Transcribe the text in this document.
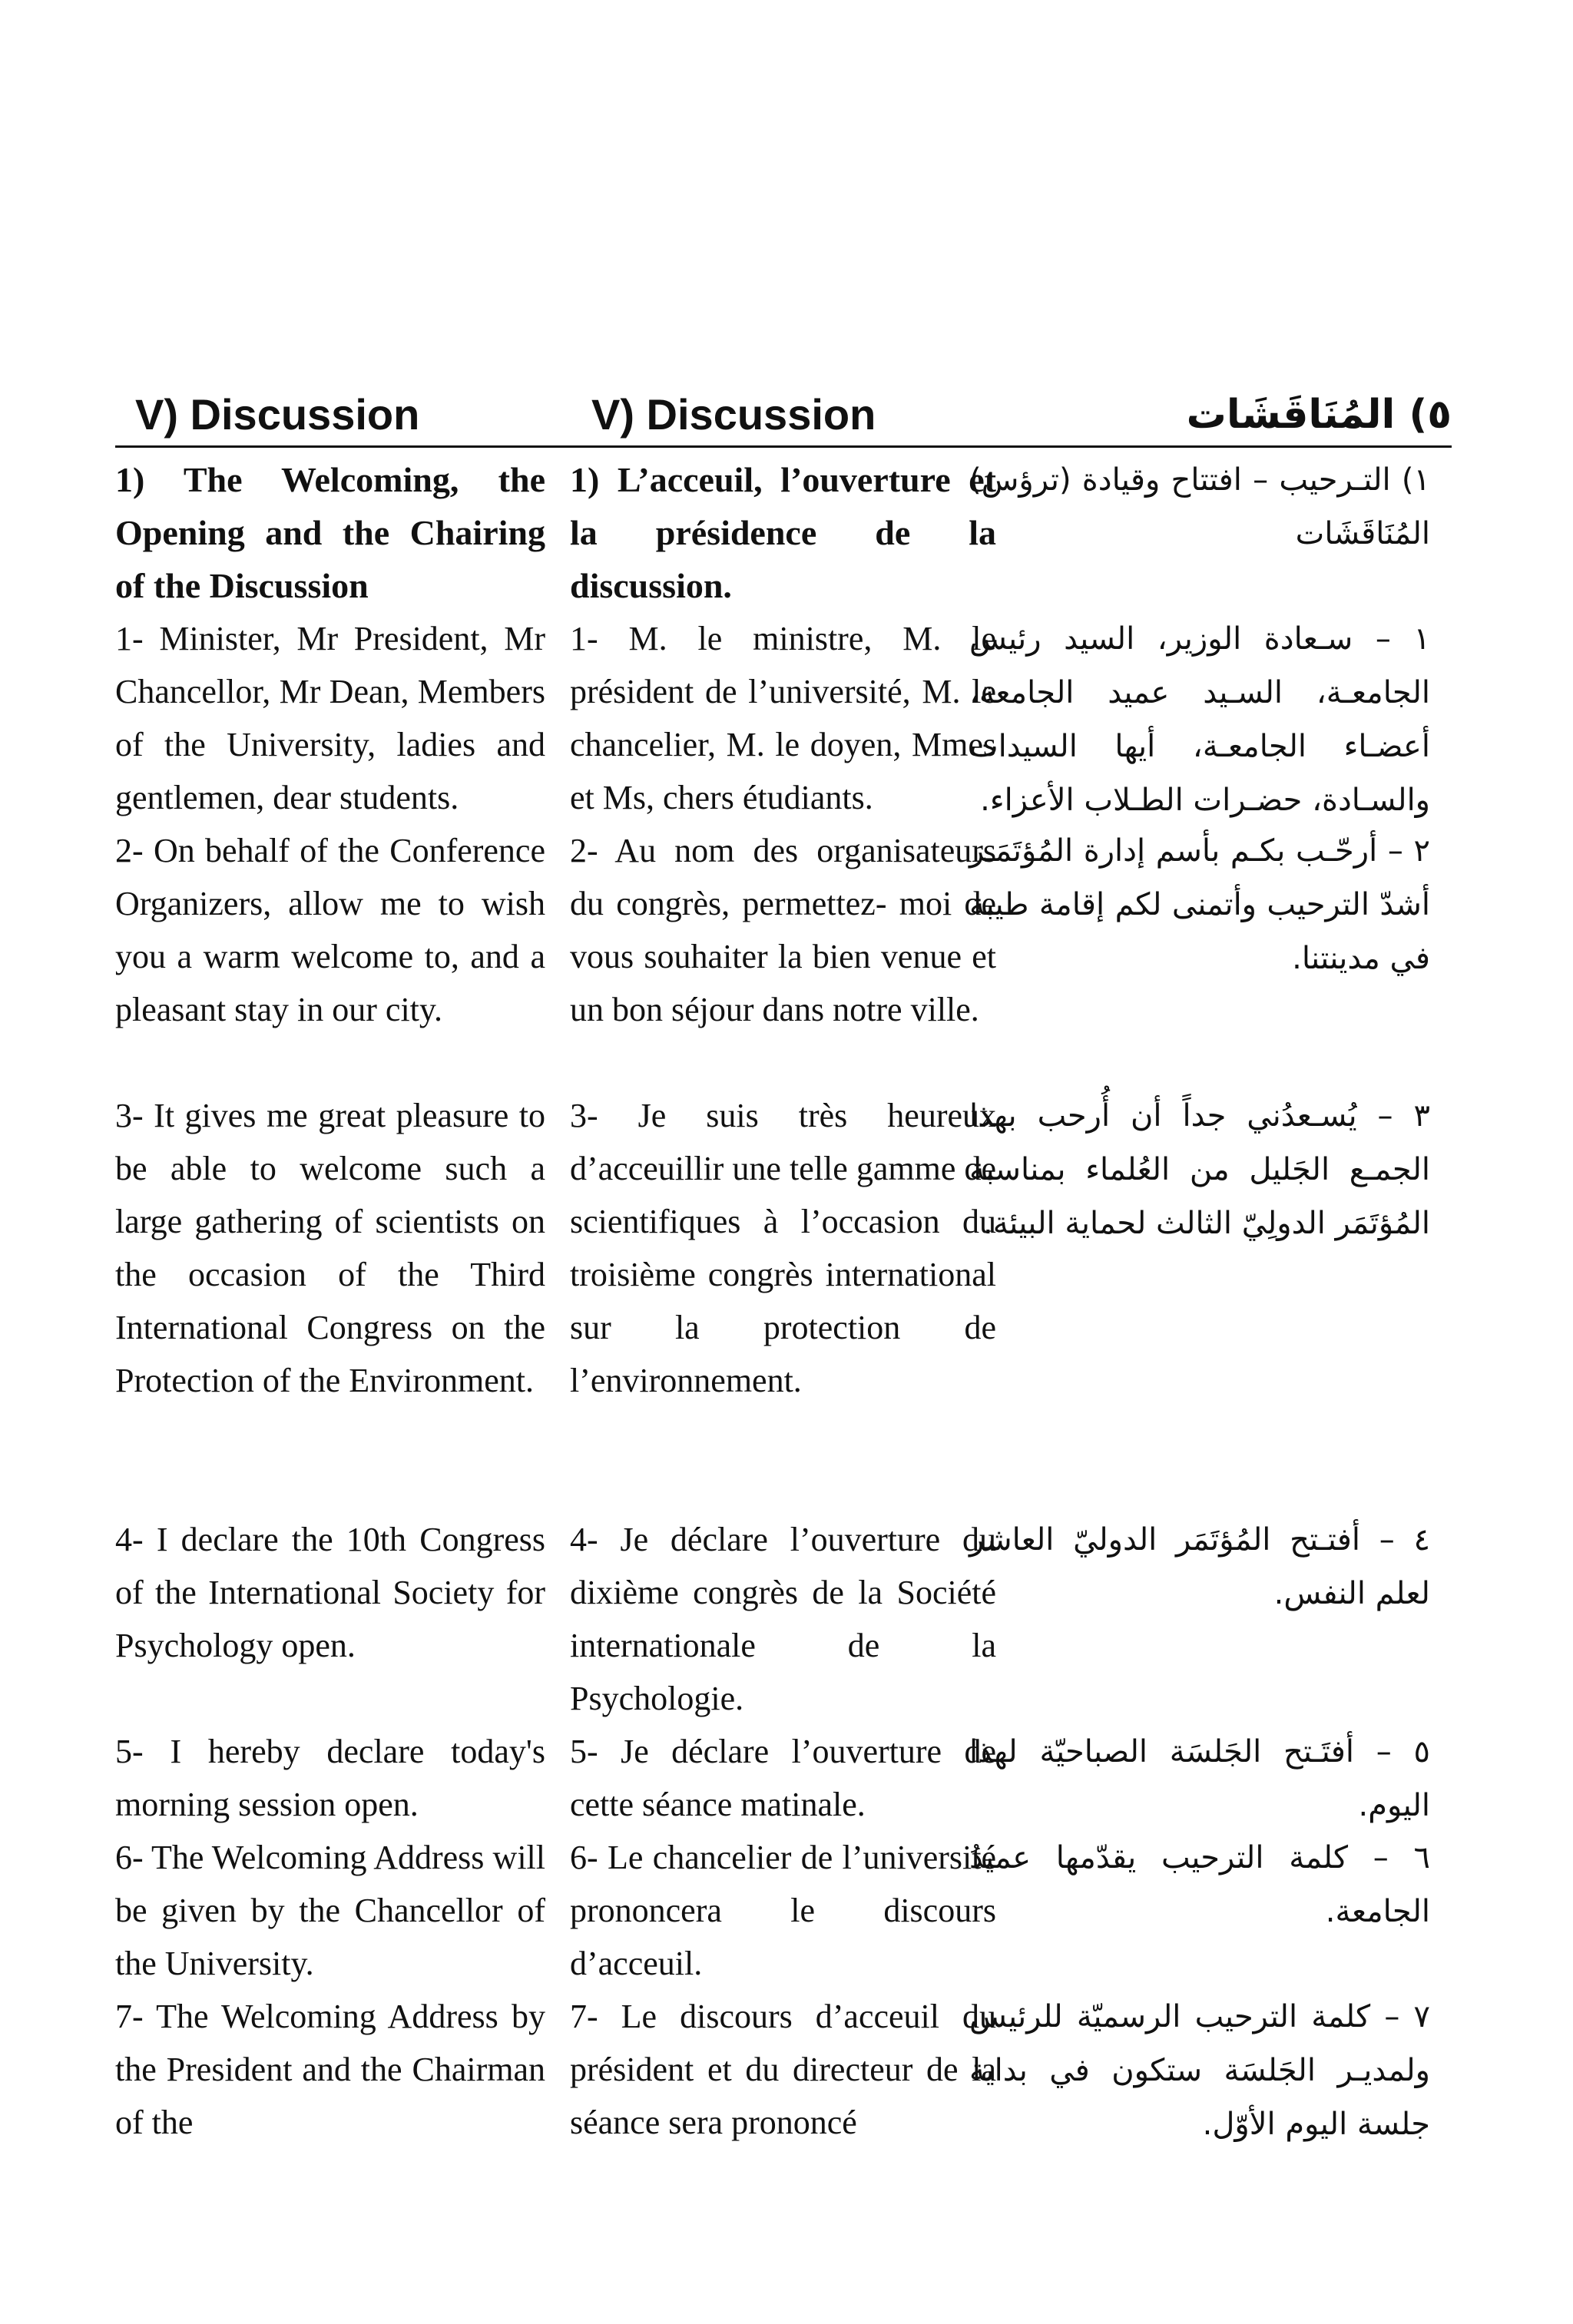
V) Discussion	V) Discussion	٥) المُنَاقَشَات

1) The Welcoming, the Opening and the Chairing of the Discussion

1- Minister, Mr President, Mr Chancellor, Mr Dean, Members of the University, ladies and gentlemen, dear students.

2- On behalf of the Conference Organizers, allow me to wish you a warm welcome to, and a pleasant stay in our city.

3- It gives me great pleasure to be able to welcome such a large gathering of scientists on the occasion of the Third International Congress on the Protection of the Environment.

4- I declare the 10th Congress of the International Society for Psychology open.

5- I hereby declare today's morning session open.

6- The Welcoming Address will be given by the Chancellor of the University.

7- The Welcoming Address by the President and the Chairman of the

1) L’acceuil, l’ouverture et la présidence de la discussion.

1- M. le ministre, M. le président de l’université, M. le chancelier, M. le doyen, Mmes et Ms, chers étudiants.

2- Au nom des organisateurs du congrès, permettez- moi de vous souhaiter la bien venue et un bon séjour dans notre ville.

3- Je suis très heureux d’acceuillir une telle gamme de scientifiques à l’occasion du troisième congrès international sur la protection de l’environnement.

4- Je déclare l’ouverture du dixième congrès de la Société internationale de la Psychologie.

5- Je déclare l’ouverture de cette séance matinale.

6- Le chancelier de l’université prononcera le discours d’acceuil.

7- Le discours d’acceuil du président et du directeur de la séance sera prononcé

١) التـرحيب – افتتاح وقيادة (ترؤس) المُنَاقَشَات

١ – سـعادة الوزير، السيد رئيس الجامعـة، السـيد عميد الجامعة، أعضـاء الجامعـة، أيها السيدات والسـادة، حضـرات الطـلاب الأعزاء.

٢ – أرحّـب بكـم بأسم إدارة المُؤتَمَـر أشدّ الترحيب وأتمنى لكم إقامة طيبة في مدينتنا.

٣ – يُسـعدُني جداً أن أُرحب بهذا الجمـع الجَليل من العُلماء بمناسبة المُؤتَمَر الدولِيّ الثالث لحماية البيئة.

٤ – أفتـتح المُؤتَمَر الدوليّ العاشر لعلم النفس.

٥ – أفتَـتح الجَلسَة الصباحيّة لهذا اليوم.

٦ – كلمة الترحيب يقدّمها عميدُ الجامعة.

٧ – كلمة الترحيب الرسميّة للرئيس ولمديـر الجَلسَة ستكون في بداية جلسة اليوم الأوّل.
